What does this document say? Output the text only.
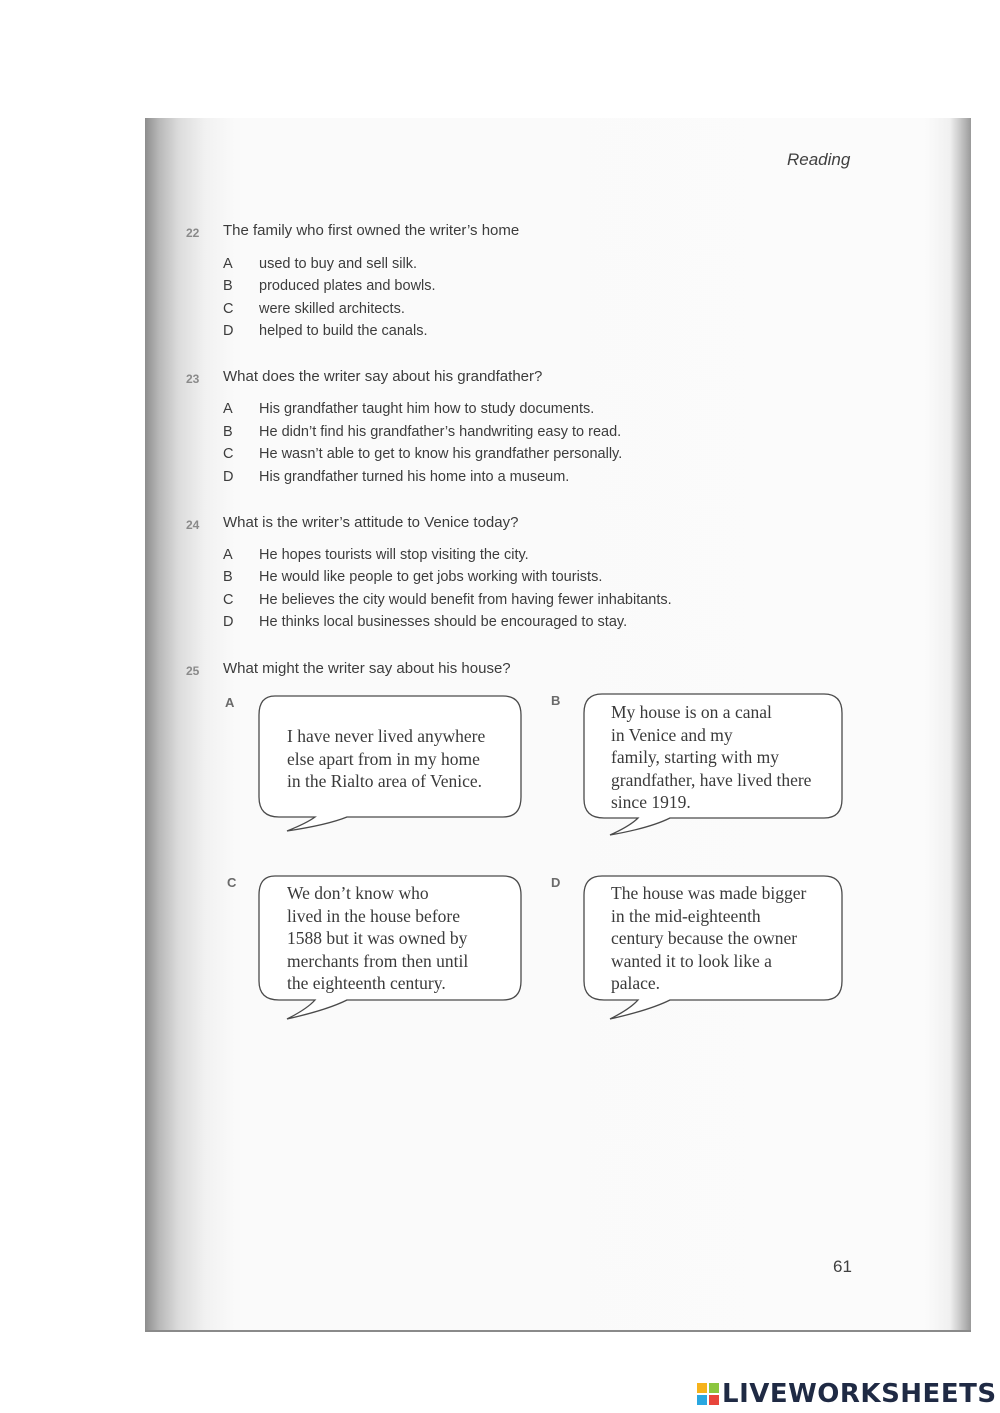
Reading
22 The family who first owned the writer’s home
A used to buy and sell silk.
B produced plates and bowls.
C were skilled architects.
D helped to build the canals.
23 What does the writer say about his grandfather?
A His grandfather taught him how to study documents.
B He didn’t find his grandfather’s handwriting easy to read.
C He wasn’t able to get to know his grandfather personally.
D His grandfather turned his home into a museum.
24 What is the writer’s attitude to Venice today?
A He hopes tourists will stop visiting the city.
B He would like people to get jobs working with tourists.
C He believes the city would benefit from having fewer inhabitants.
D He thinks local businesses should be encouraged to stay.
25 What might the writer say about his house?
A
I have never lived anywhere
else apart from in my home
in the Rialto area of Venice.
B
My house is on a canal
in Venice and my
family, starting with my
grandfather, have lived there
since 1919.
C
We don’t know who
lived in the house before
1588 but it was owned by
merchants from then until
the eighteenth century.
D
The house was made bigger
in the mid-eighteenth
century because the owner
wanted it to look like a
palace.
61
LIVEWORKSHEETS
